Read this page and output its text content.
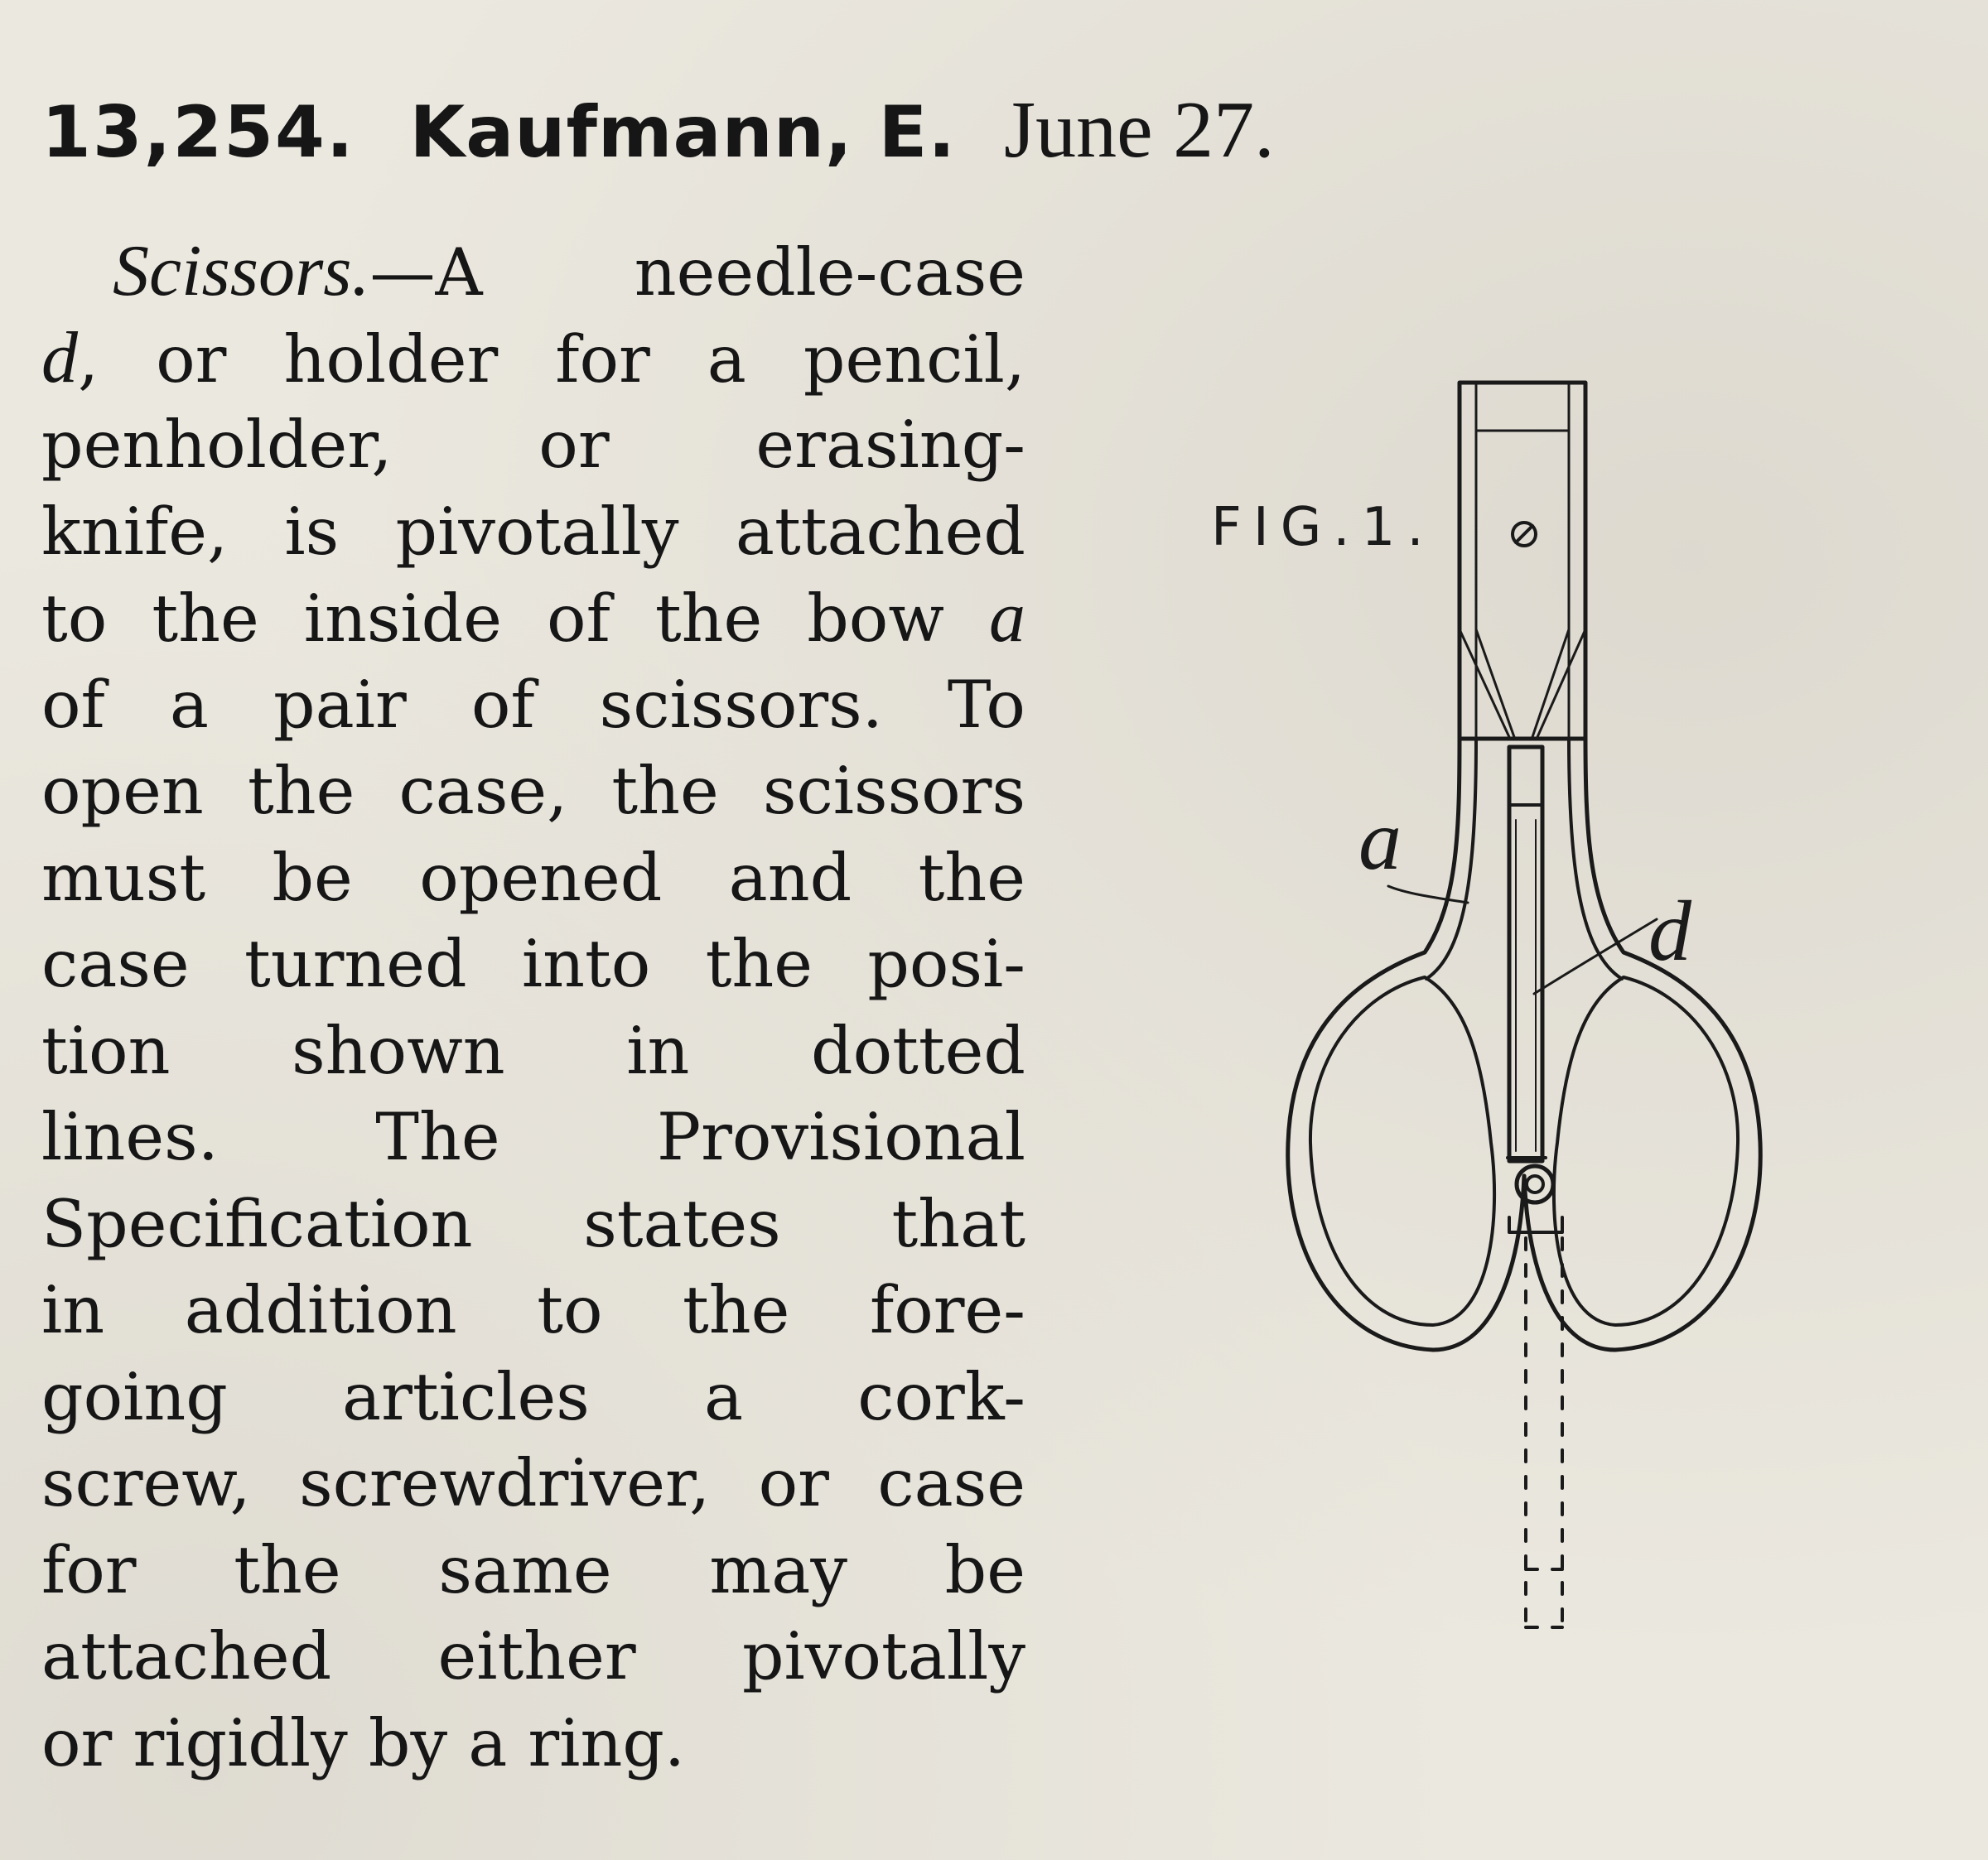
13,254. Kaufmann, E. June 27.
Scissors.—A needle-case
d, or holder for a pencil,
penholder, or erasing-
knife, is pivotally attached
to the inside of the bow a
of a pair of scissors. To
open the case, the scissors
must be opened and the
case turned into the posi-
tion shown in dotted
lines. The Provisional
Specification states that
in addition to the fore-
going articles a cork-
screw, screwdriver, or case
for the same may be
attached either pivotally
or rigidly by a ring.
FIG.1.
a
d
